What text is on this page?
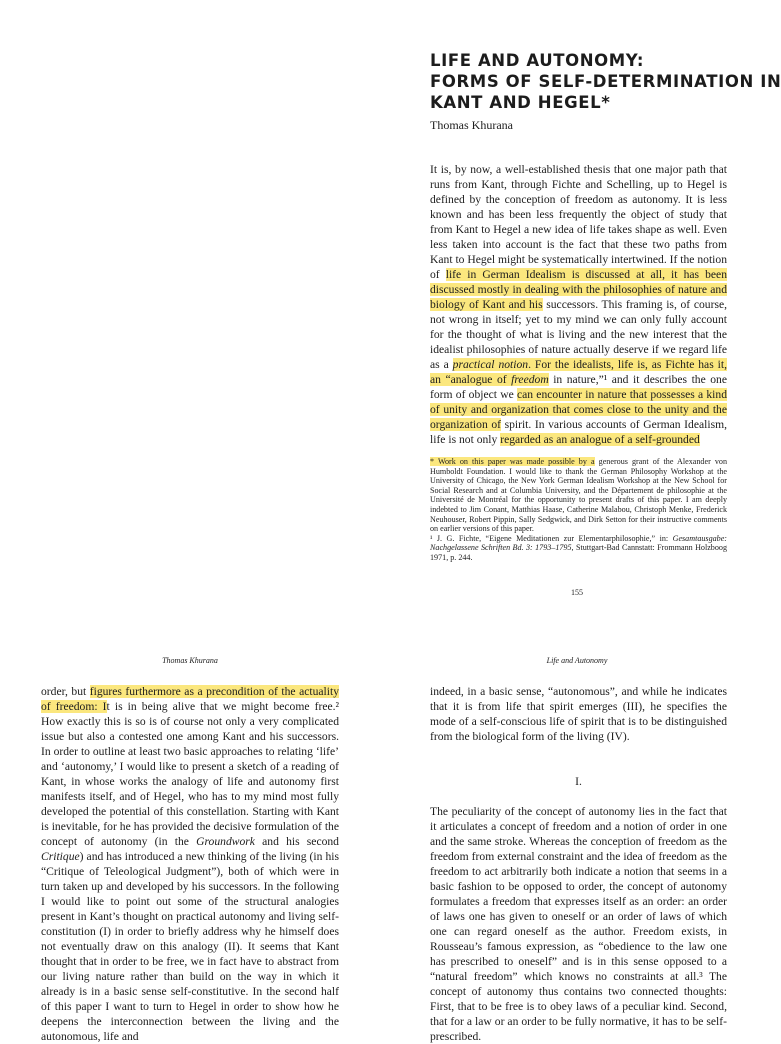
LIFE AND AUTONOMY:
FORMS OF SELF-DETERMINATION IN
KANT AND HEGEL*

Thomas Khurana

It is, by now, a well-established thesis that one major path that runs from Kant, through Fichte and Schelling, up to Hegel is defined by the conception of freedom as autonomy. It is less known and has been less frequently the object of study that from Kant to Hegel a new idea of life takes shape as well. Even less taken into account is the fact that these two paths from Kant to Hegel might be systematically intertwined. If the notion of life in German Idealism is discussed at all, it has been discussed mostly in dealing with the philosophies of nature and biology of Kant and his successors. This framing is, of course, not wrong in itself; yet to my mind we can only fully account for the thought of what is living and the new interest that the idealist philosophies of nature actually deserve if we regard life as a practical notion. For the idealists, life is, as Fichte has it, an “analogue of freedom in nature,”¹ and it describes the one form of object we can encounter in nature that possesses a kind of unity and organization that comes close to the unity and the organization of spirit. In various accounts of German Idealism, life is not only regarded as an analogue of a self-grounded

* Work on this paper was made possible by a generous grant of the Alexander von Humboldt Foundation. I would like to thank the German Philosophy Workshop at the University of Chicago, the New York German Idealism Workshop at the New School for Social Research and at Columbia University, and the Département de philosophie at the Université de Montréal for the opportunity to present drafts of this paper. I am deeply indebted to Jim Conant, Matthias Haase, Catherine Malabou, Christoph Menke, Frederick Neuhouser, Robert Pippin, Sally Sedgwick, and Dirk Setton for their instructive comments on earlier versions of this paper.

¹ J. G. Fichte, “Eigene Meditationen zur Elementarphilosophie,” in: Gesamtausgabe: Nachgelassene Schriften Bd. 3: 1793–1795, Stuttgart-Bad Cannstatt: Frommann Holzboog 1971, p. 244.

155
Thomas Khurana	Life and Autonomy

order, but figures furthermore as a precondition of the actuality of freedom: It is in being alive that we might become free.² How exactly this is so is of course not only a very complicated issue but also a contested one among Kant and his successors. In order to outline at least two basic approaches to relating ‘life’ and ‘autonomy,’ I would like to present a sketch of a reading of Kant, in whose works the analogy of life and autonomy first manifests itself, and of Hegel, who has to my mind most fully developed the potential of this constellation. Starting with Kant is inevitable, for he has provided the decisive formulation of the concept of autonomy (in the Groundwork and his second Critique) and has introduced a new thinking of the living (in his “Critique of Teleological Judgment”), both of which were in turn taken up and developed by his successors. In the following I would like to point out some of the structural analogies present in Kant’s thought on practical autonomy and living self-constitution (I) in order to briefly address why he himself does not eventually draw on this analogy (II). It seems that Kant thought that in order to be free, we in fact have to abstract from our living nature rather than build on the way in which it already is in a basic sense self-constitutive. In the second half of this paper I want to turn to Hegel in order to show how he deepens the interconnection between the living and the autonomous, life and

indeed, in a basic sense, “autonomous”, and while he indicates that it is from life that spirit emerges (III), he specifies the mode of a self-conscious life of spirit that is to be distinguished from the biological form of the living (IV).

I.

The peculiarity of the concept of autonomy lies in the fact that it articulates a concept of freedom and a notion of order in one and the same stroke. Whereas the conception of freedom as the freedom from external constraint and the idea of freedom as the freedom to act arbitrarily both indicate a notion that seems in a basic fashion to be opposed to order, the concept of autonomy formulates a freedom that expresses itself as an order: an order of laws one has given to oneself or an order of laws of which one can regard oneself as the author. Freedom exists, in Rousseau’s famous expression, as “obedience to the law one has prescribed to oneself” and is in this sense opposed to a “natural freedom” which knows no constraints at all.³ The concept of autonomy thus contains two connected thoughts: First, that to be free is to obey laws of a peculiar kind. Second, that for a law or an order to be fully normative, it has to be self-prescribed.
